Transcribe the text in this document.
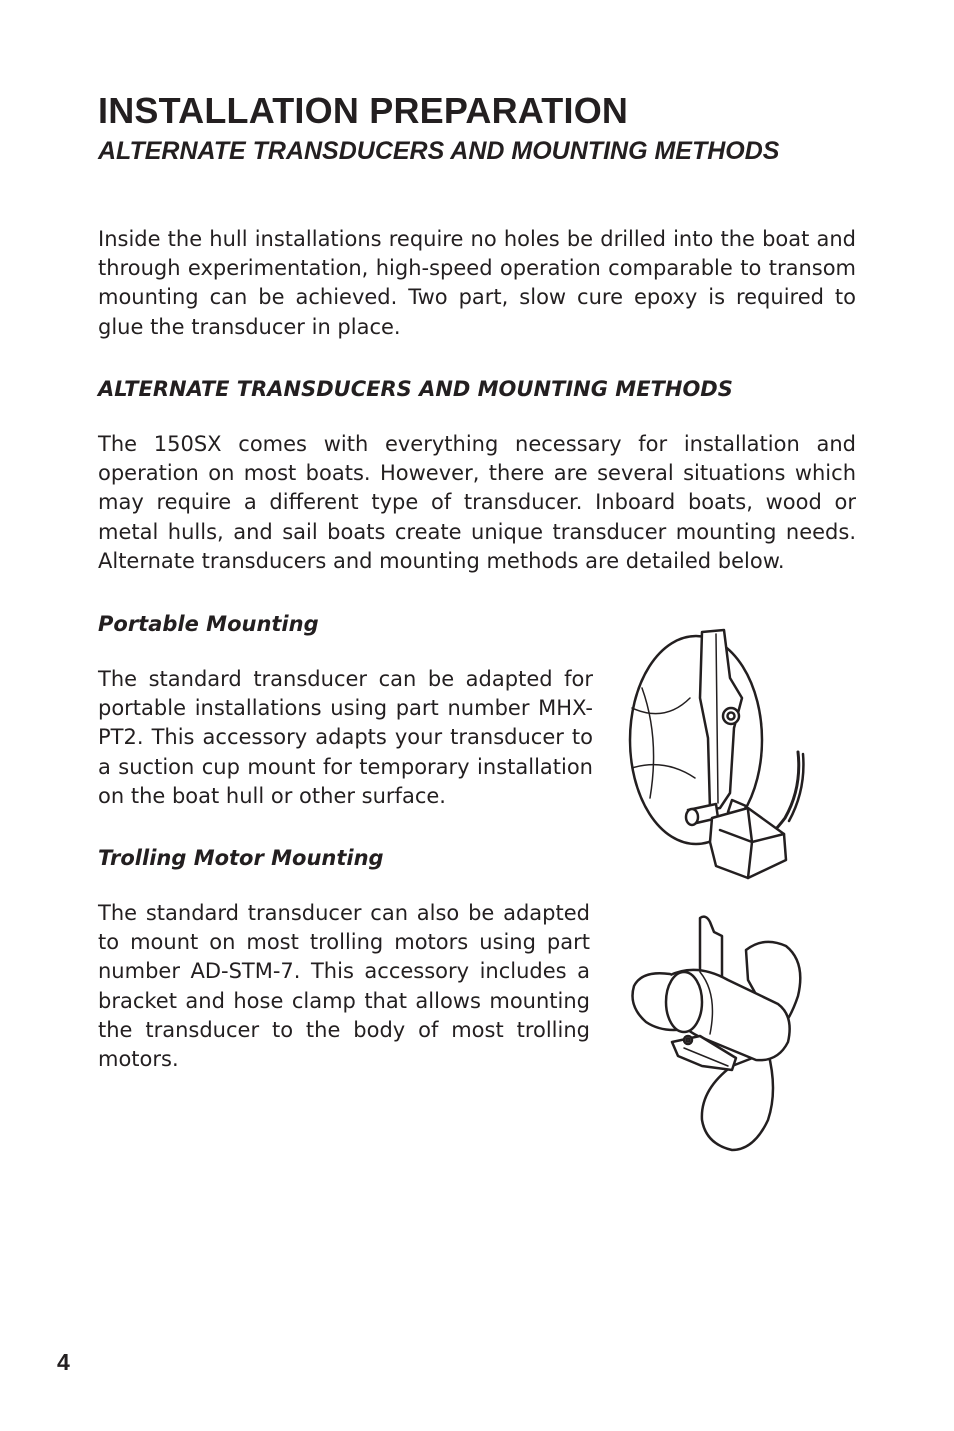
INSTALLATION PREPARATION
ALTERNATE TRANSDUCERS AND MOUNTING METHODS

Inside the hull installations require no holes be drilled into the boat and through experimentation, high-speed operation comparable to transom mounting can be achieved. Two part, slow cure epoxy is required to glue the transducer in place.

ALTERNATE TRANSDUCERS AND MOUNTING METHODS

The 150SX comes with everything necessary for installation and operation on most boats. However, there are several situations which may require a different type of transducer. Inboard boats, wood or metal hulls, and sail boats create unique transducer mounting needs. Alternate transducers and mounting methods are detailed below.

Portable Mounting

The standard transducer can be adapted for portable installations using part number MHX-PT2. This accessory adapts your transducer to a suction cup mount for temporary installation on the boat hull or other surface.

Trolling Motor Mounting

The standard transducer can also be adapted to mount on most trolling motors using part number AD-STM-7. This accessory includes a bracket and hose clamp that allows mounting the transducer to the body of most trolling motors.

4
